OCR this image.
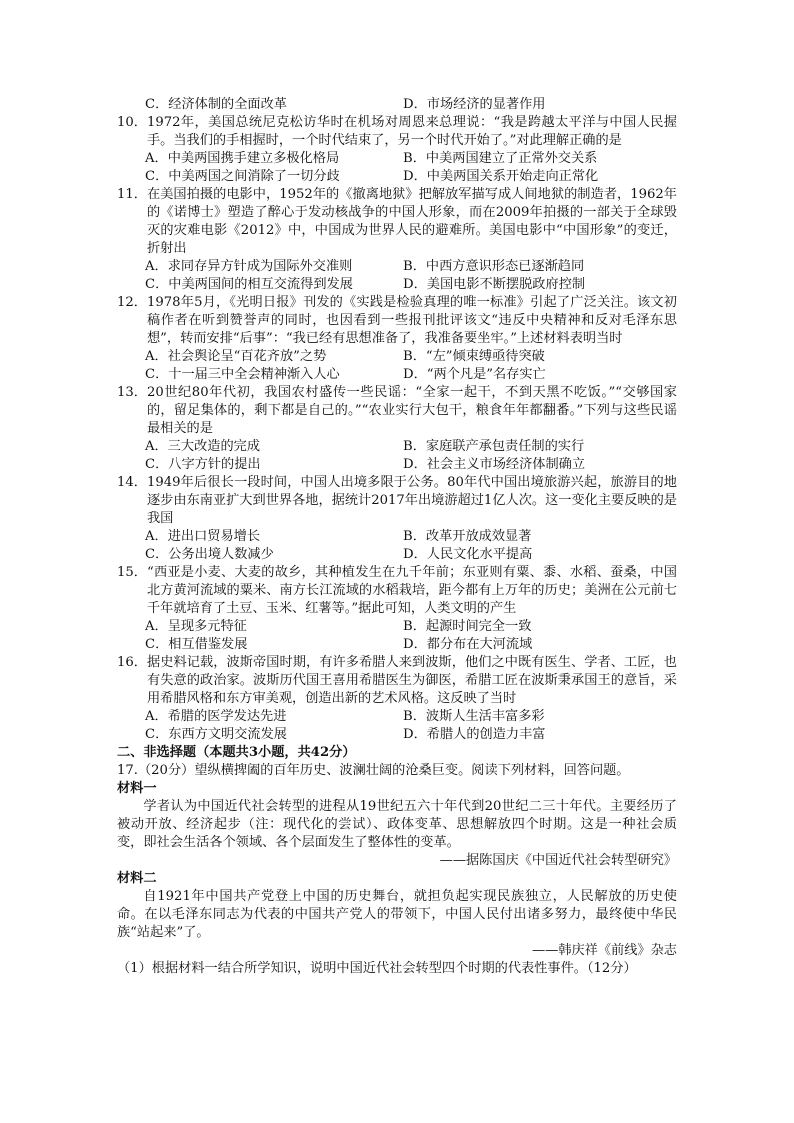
C．经济体制的全面改革	D．市场经济的显著作用
10． 1972年，美国总统尼克松访华时在机场对周恩来总理说：“我是跨越太平洋与中国人民握手。当我们的手相握时，一个时代结束了，另一个时代开始了。”对此理解正确的是
A．中美两国携手建立多极化格局	B．中美两国建立了正常外交关系
C．中美两国之间消除了一切分歧	D．中美两国关系开始走向正常化
11． 在美国拍摄的电影中，1952年的《撤离地狱》把解放军描写成人间地狱的制造者，1962年的《诺博士》塑造了醉心于发动核战争的中国人形象，而在2009年拍摄的一部关于全球毁灭的灾难电影《2012》中，中国成为世界人民的避难所。美国电影中“中国形象”的变迁，折射出
A．求同存异方针成为国际外交准则	B．中西方意识形态已逐渐趋同
C．中美两国间的相互交流得到发展	D．美国电影不断摆脱政府控制
12． 1978年5月，《光明日报》刊发的《实践是检验真理的唯一标准》引起了广泛关注。该文初稿作者在听到赞誉声的同时，也因看到一些报刊批评该文“违反中央精神和反对毛泽东思想”，转而安排“后事”：“我已经有思想准备了，我准备要坐牢。”上述材料表明当时
A．社会舆论呈“百花齐放”之势	B．“左”倾束缚亟待突破
C．十一届三中全会精神渐入人心	D．“两个凡是”名存实亡
13． 20世纪80年代初，我国农村盛传一些民谣：“全家一起干，不到天黑不吃饭。”“交够国家的，留足集体的，剩下都是自己的。”“农业实行大包干，粮食年年都翻番。”下列与这些民谣最相关的是
A．三大改造的完成	B．家庭联产承包责任制的实行
C．八字方针的提出	D．社会主义市场经济体制确立
14． 1949年后很长一段时间，中国人出境多限于公务。80年代中国出境旅游兴起，旅游目的地逐步由东南亚扩大到世界各地，据统计2017年出境游超过1亿人次。这一变化主要反映的是我国
A．进出口贸易增长	B．改革开放成效显著
C．公务出境人数减少	D．人民文化水平提高
15． “西亚是小麦、大麦的故乡，其种植发生在九千年前；东亚则有粟、黍、水稻、蚕桑，中国北方黄河流域的粟米、南方长江流域的水稻栽培，距今都有上万年的历史；美洲在公元前七千年就培育了土豆、玉米、红薯等。”据此可知，人类文明的产生
A．呈现多元特征	B．起源时间完全一致
C．相互借鉴发展	D．都分布在大河流域
16． 据史料记载，波斯帝国时期，有许多希腊人来到波斯，他们之中既有医生、学者、工匠，也有失意的政治家。波斯历代国王喜用希腊医生为御医，希腊工匠在波斯秉承国王的意旨，采用希腊风格和东方审美观，创造出新的艺术风格。这反映了当时
A．希腊的医学发达先进	B．波斯人生活丰富多彩
C．东西方文明交流发展	D．希腊人的创造力丰富
二、非选择题（本题共3小题，共42分）
17.（20分）望纵横捭阖的百年历史、波澜壮阔的沧桑巨变。阅读下列材料，回答问题。
材料一
学者认为中国近代社会转型的进程从19世纪五六十年代到20世纪二三十年代。主要经历了被动开放、经济起步（注：现代化的尝试）、政体变革、思想解放四个时期。这是一种社会质变，即社会生活各个领域、各个层面发生了整体性的变革。
——据陈国庆《中国近代社会转型研究》
材料二
自1921年中国共产党登上中国的历史舞台，就担负起实现民族独立，人民解放的历史使命。在以毛泽东同志为代表的中国共产党人的带领下，中国人民付出诸多努力，最终使中华民族“站起来”了。
——韩庆祥《前线》杂志
（1）根据材料一结合所学知识，说明中国近代社会转型四个时期的代表性事件。（12分）
